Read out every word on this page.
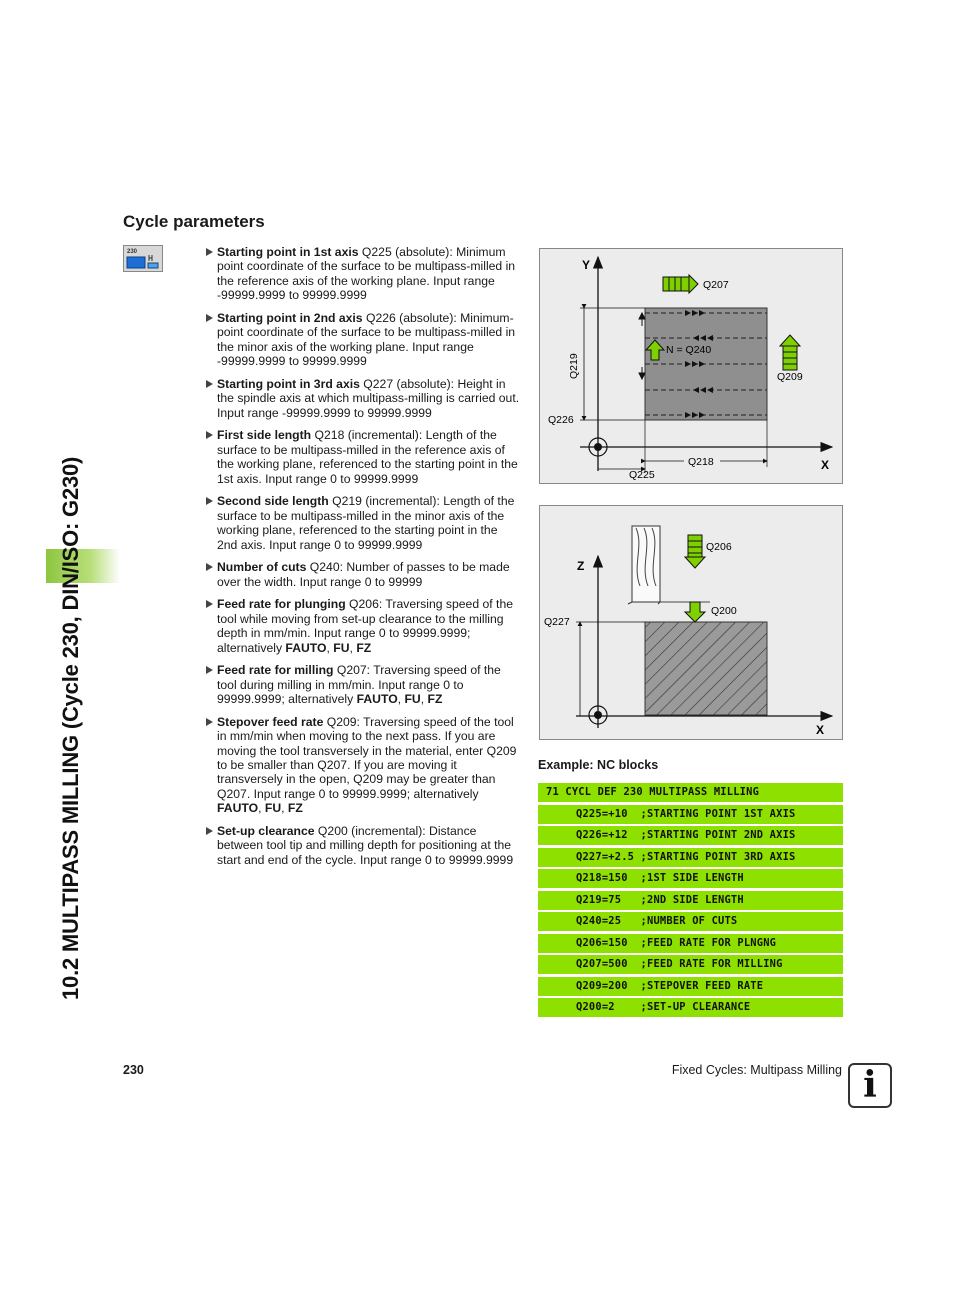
10.2 MULTIPASS MILLING (Cycle 230, DIN/ISO: G230)
Cycle parameters
230	Starting point in 1st axis Q225 (absolute): Minimum point coordinate of the surface to be multipass-milled in the reference axis of the working plane. Input range -99999.9999 to 99999.9999
Starting point in 2nd axis Q226 (absolute): Minimum-point coordinate of the surface to be multipass-milled in the minor axis of the working plane. Input range -99999.9999 to 99999.9999
Starting point in 3rd axis Q227 (absolute): Height in the spindle axis at which multipass-milling is carried out. Input range -99999.9999 to 99999.9999
First side length Q218 (incremental): Length of the surface to be multipass-milled in the reference axis of the working plane, referenced to the starting point in the 1st axis. Input range 0 to 99999.9999
Second side length Q219 (incremental): Length of the surface to be multipass-milled in the minor axis of the working plane, referenced to the starting point in the 2nd axis. Input range 0 to 99999.9999
Number of cuts Q240: Number of passes to be made over the width. Input range 0 to 99999
Feed rate for plunging Q206: Traversing speed of the tool while moving from set-up clearance to the milling depth in mm/min. Input range 0 to 99999.9999; alternatively FAUTO, FU, FZ
Feed rate for milling Q207: Traversing speed of the tool during milling in mm/min. Input range 0 to 99999.9999; alternatively FAUTO, FU, FZ
Stepover feed rate Q209: Traversing speed of the tool in mm/min when moving to the next pass. If you are moving the tool transversely in the material, enter Q209 to be smaller than Q207. If you are moving it transversely in the open, Q209 may be greater than Q207. Input range 0 to 99999.9999; alternatively FAUTO, FU, FZ
Set-up clearance Q200 (incremental): Distance between tool tip and milling depth for positioning at the start and end of the cycle. Input range 0 to 99999.9999
Y
X
Q207
N = Q240
Q209
Q219
Q226
Q218
Q225
Z
X
Q206
Q200
Q227
Example: NC blocks
71 CYCL DEF 230 MULTIPASS MILLING
Q225=+10  ;STARTING POINT 1ST AXIS
Q226=+12  ;STARTING POINT 2ND AXIS
Q227=+2.5 ;STARTING POINT 3RD AXIS
Q218=150  ;1ST SIDE LENGTH
Q219=75   ;2ND SIDE LENGTH
Q240=25   ;NUMBER OF CUTS
Q206=150  ;FEED RATE FOR PLNGNG
Q207=500  ;FEED RATE FOR MILLING
Q209=200  ;STEPOVER FEED RATE
Q200=2    ;SET-UP CLEARANCE
230	Fixed Cycles: Multipass Milling i
